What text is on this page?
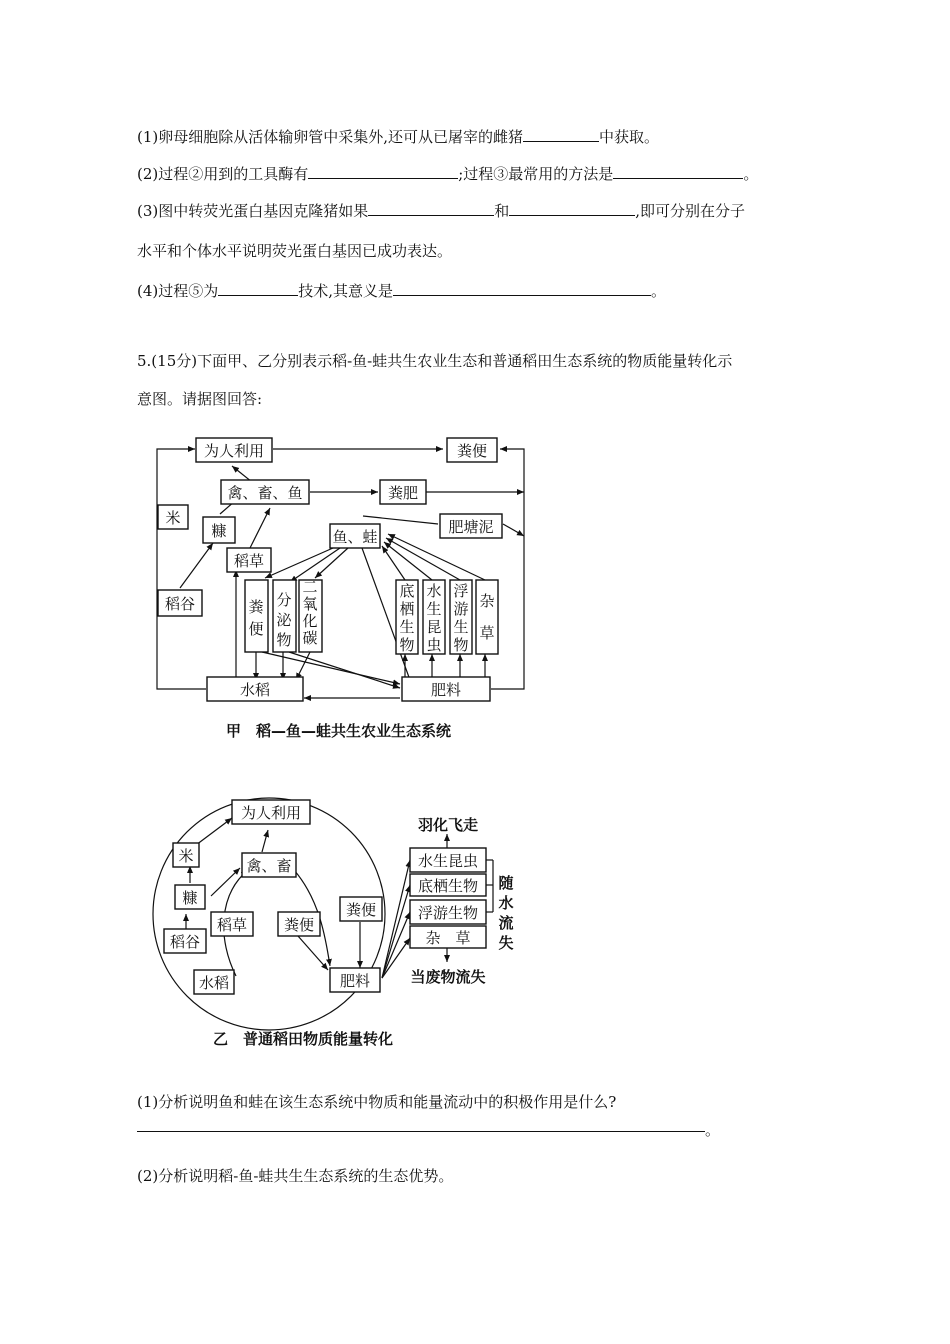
(1)卵母细胞除从活体输卵管中采集外,还可从已屠宰的雌猪	中获取。
(2)过程②用到的工具酶有	;过程③最常用的方法是	。
(3)图中转荧光蛋白基因克隆猪如果	和	,即可分别在分子
水平和个体水平说明荧光蛋白基因已成功表达。
(4)过程⑤为	技术,其意义是	。
5.(15分)下面甲、乙分别表示稻-鱼-蛙共生农业生态和普通稻田生态系统的物质能量转化示
意图。请据图回答:
为人利用	粪便
禽、畜、鱼	粪肥
米
糠	鱼、蛙
肥塘泥
稻草
稻谷
水稻	肥料
粪便
分泌物
二氧化碳
底栖生物
水生昆虫
浮游生物
杂草
甲　稻—鱼—蛙共生农业生态系统
为人利用
米
禽、畜
糠
稻草 粪便
粪便
稻谷
水稻	肥料
水生昆虫
底栖生物
浮游生物
杂　草
羽化飞走
当废物流失
随水流失
乙　普通稻田物质能量转化
(1)分析说明鱼和蛙在该生态系统中物质和能量流动中的积极作用是什么?
。
(2)分析说明稻-鱼-蛙共生生态系统的生态优势。
